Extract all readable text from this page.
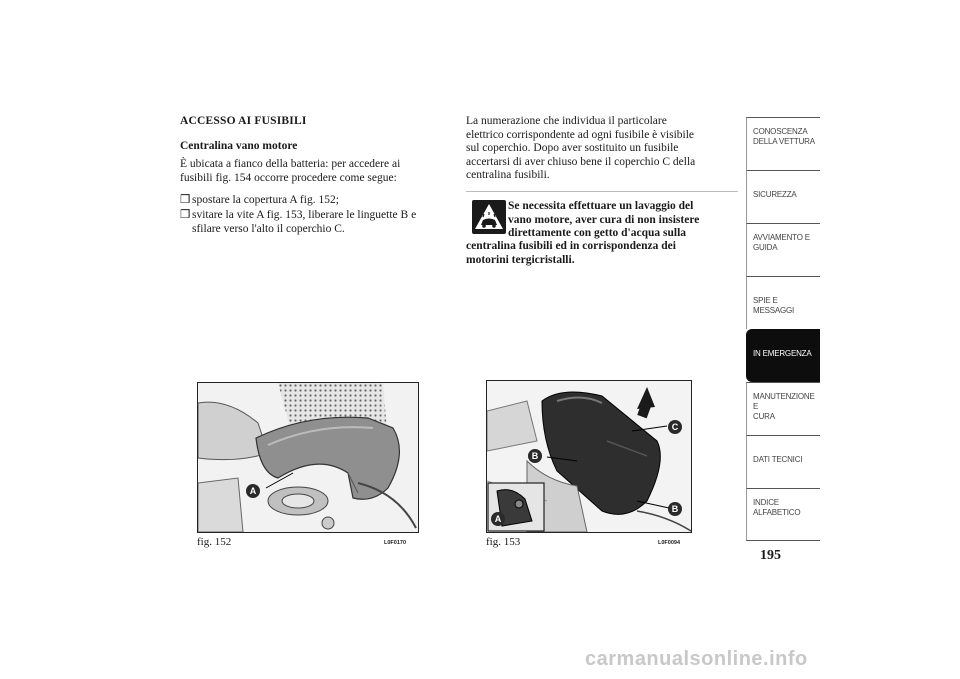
ACCESSO AI FUSIBILI
Centralina vano motore
È ubicata a fianco della batteria: per accedere ai
fusibili fig. 154 occorre procedere come segue:
❒ spostare la copertura A fig. 152;
❒ svitare la vite A fig. 153, liberare le linguette B e
sfilare verso l'alto il coperchio C.
La numerazione che individua il particolare
elettrico corrispondente ad ogni fusibile è visibile
sul coperchio. Dopo aver sostituito un fusibile
accertarsi di aver chiuso bene il coperchio C della
centralina fusibili.
Se necessita effettuare un lavaggio del
vano motore, aver cura di non insistere
direttamente con getto d'acqua sulla
centralina fusibili ed in corrispondenza dei
motorini tergicristalli.
A
fig. 152	L0F0170
C
B
B
A
fig. 153	L0F0094
CONOSCENZA
DELLA VETTURA
SICUREZZA
AVVIAMENTO E
GUIDA
SPIE E MESSAGGI
IN EMERGENZA
MANUTENZIONE E
CURA
DATI TECNICI
INDICE
ALFABETICO
195
carmanualsonline.info
